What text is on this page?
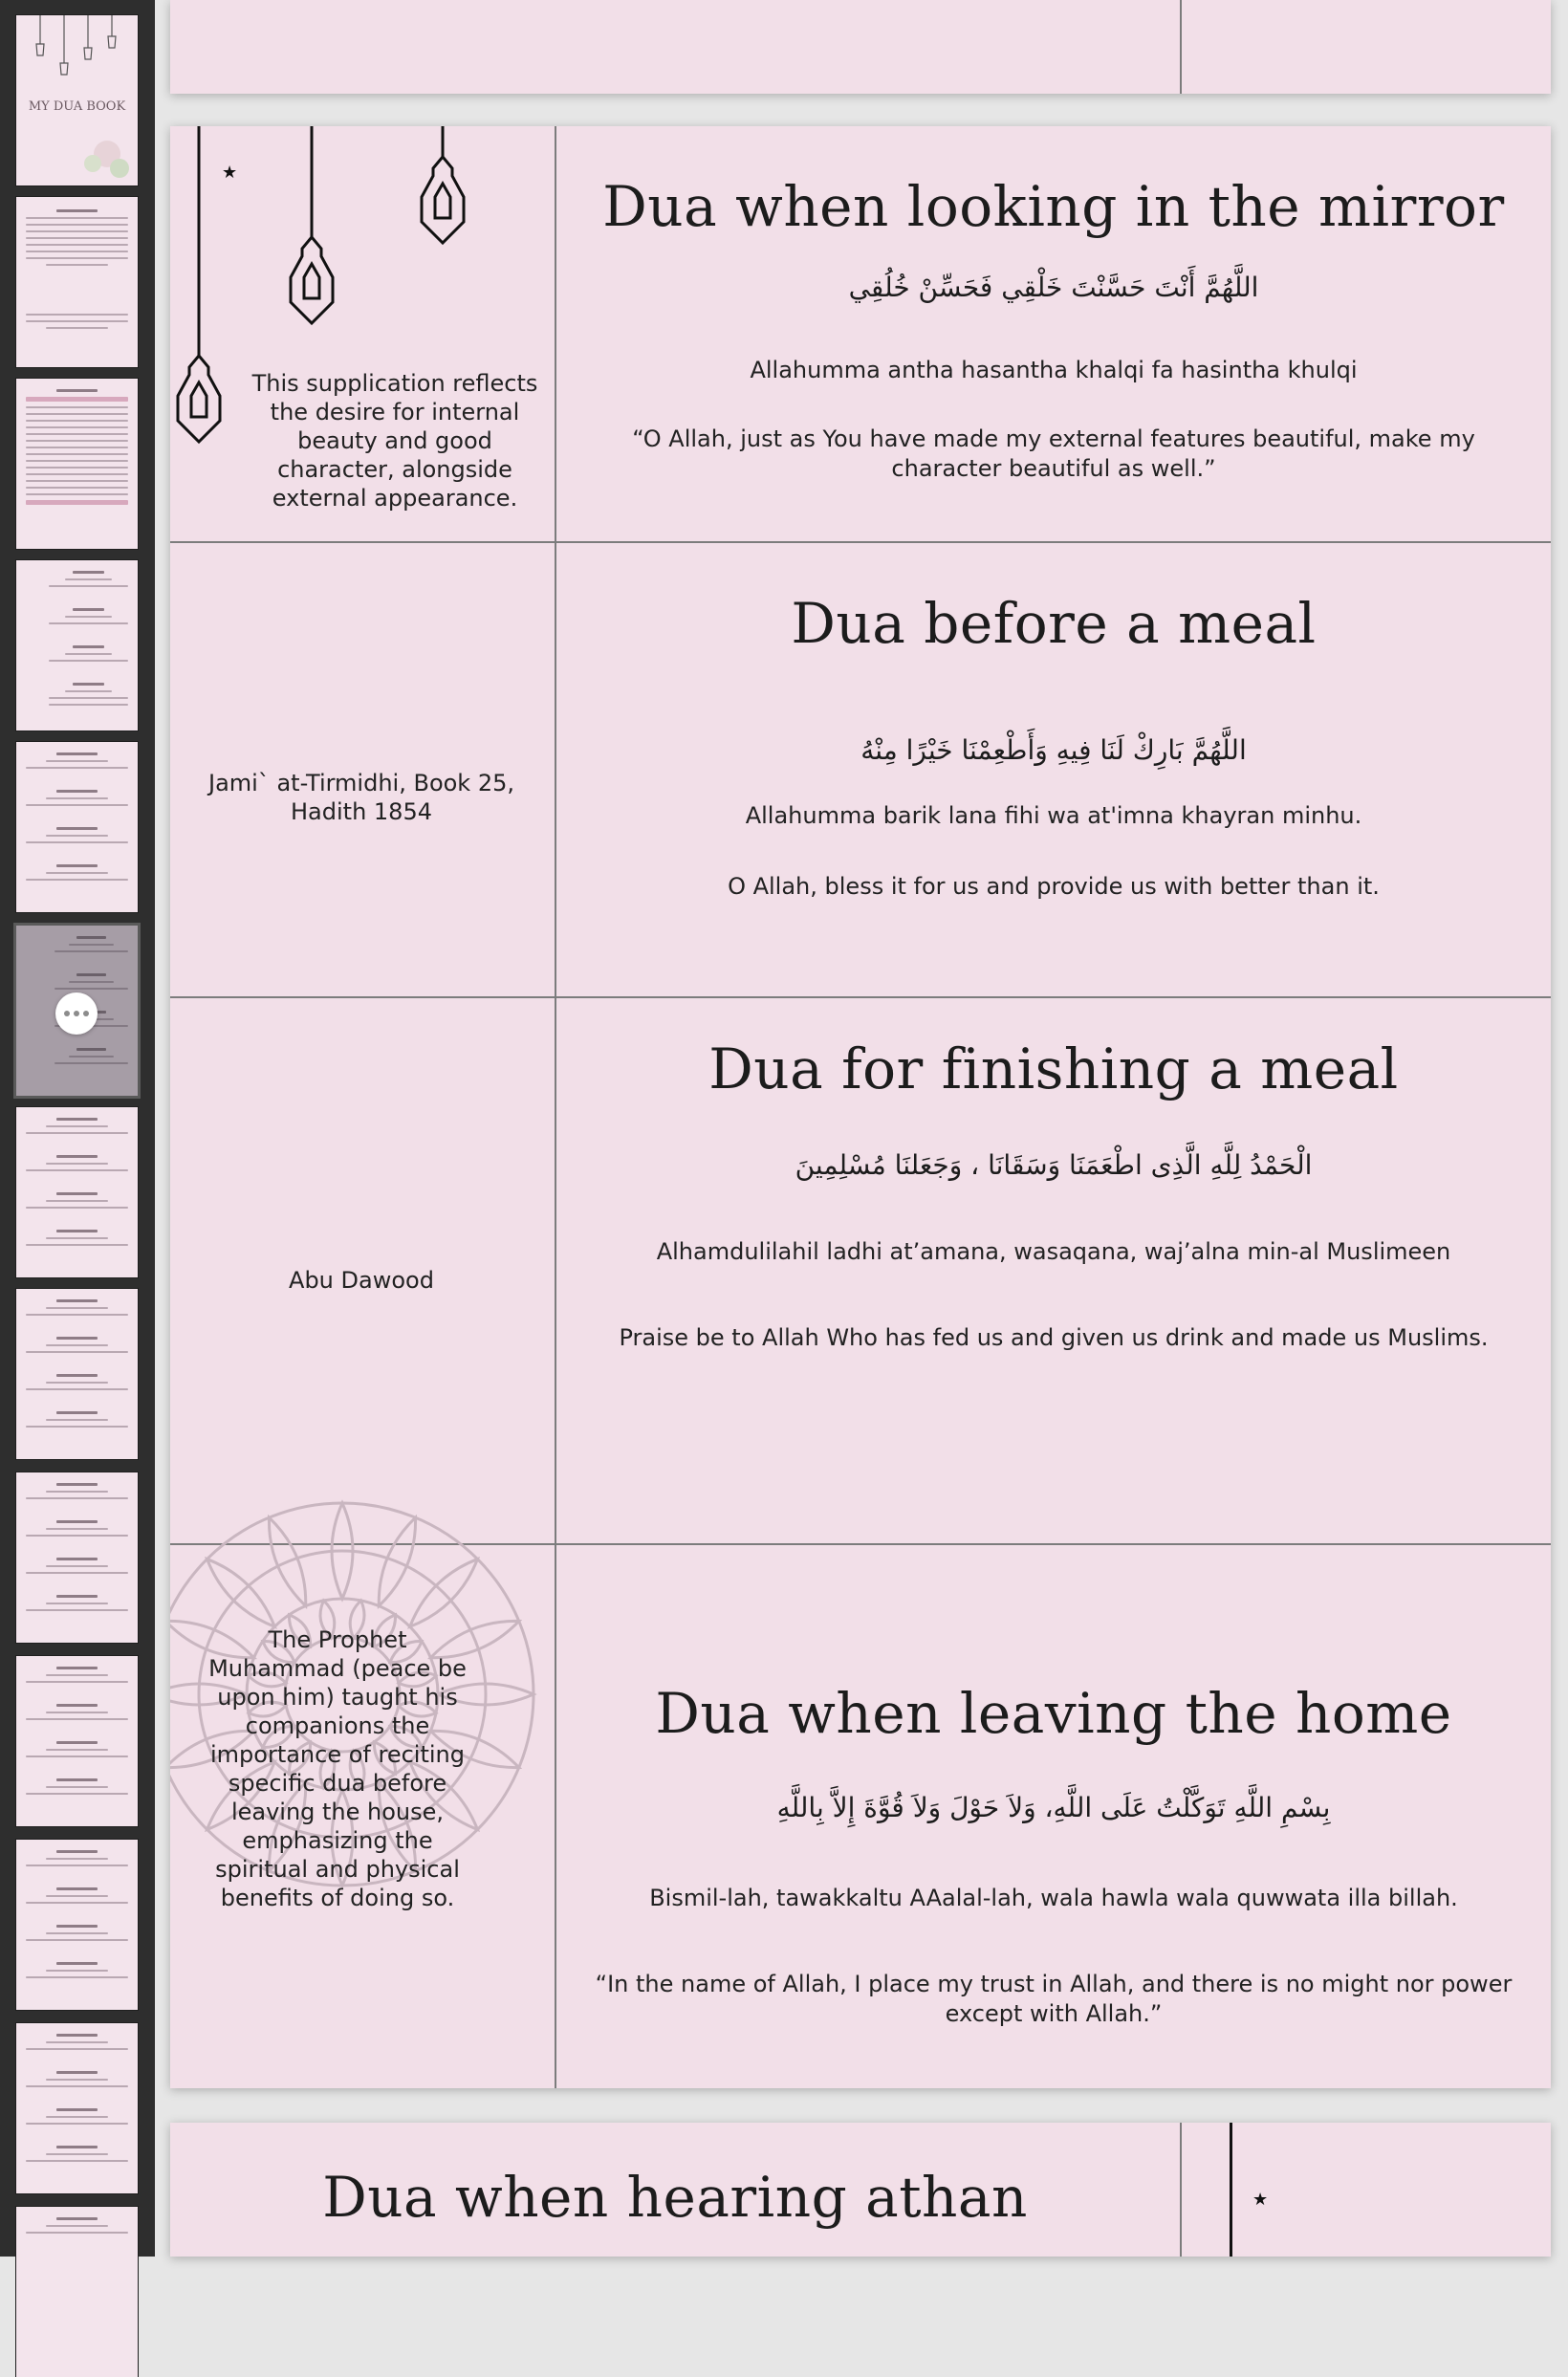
MY DUA BOOK
★
This supplication reflects the desire for internal beauty and good character, alongside external appearance.
Dua when looking in the mirror
اللَّهُمَّ أَنْتَ حَسَّنْتَ خَلْقِي فَحَسِّنْ خُلُقِي
Allahumma antha hasantha khalqi fa hasintha khulqi
“O Allah, just as You have made my external features beautiful, make my character beautiful as well.”
Jami` at-Tirmidhi, Book 25, Hadith 1854
Dua before a meal
اللَّهُمَّ بَارِكْ لَنَا فِيهِ وَأَطْعِمْنَا خَيْرًا مِنْهُ
Allahumma barik lana fihi wa at'imna khayran minhu.
O Allah, bless it for us and provide us with better than it.
Abu Dawood
Dua for finishing a meal
الْحَمْدُ لِلَّهِ الَّذِى اطْعَمَنَا وَسَقَانَا ، وَجَعَلنَا مُسْلِمِينَ
Alhamdulilahil ladhi at’amana, wasaqana, waj’alna min-al Muslimeen
Praise be to Allah Who has fed us and given us drink and made us Muslims.
The Prophet Muhammad (peace be upon him) taught his companions the importance of reciting specific dua before leaving the house, emphasizing the spiritual and physical benefits of doing so.
Dua when leaving the home
بِسْمِ اللَّهِ تَوَكَّلْتُ عَلَى اللَّهِ، وَلاَ حَوْلَ وَلاَ قُوَّةَ إِلاَّ بِاللَّهِ
Bismil-lah, tawakkaltu AAalal-lah, wala hawla wala quwwata illa billah.
“In the name of Allah, I place my trust in Allah, and there is no might nor power except with Allah.”
★
Dua when hearing athan
